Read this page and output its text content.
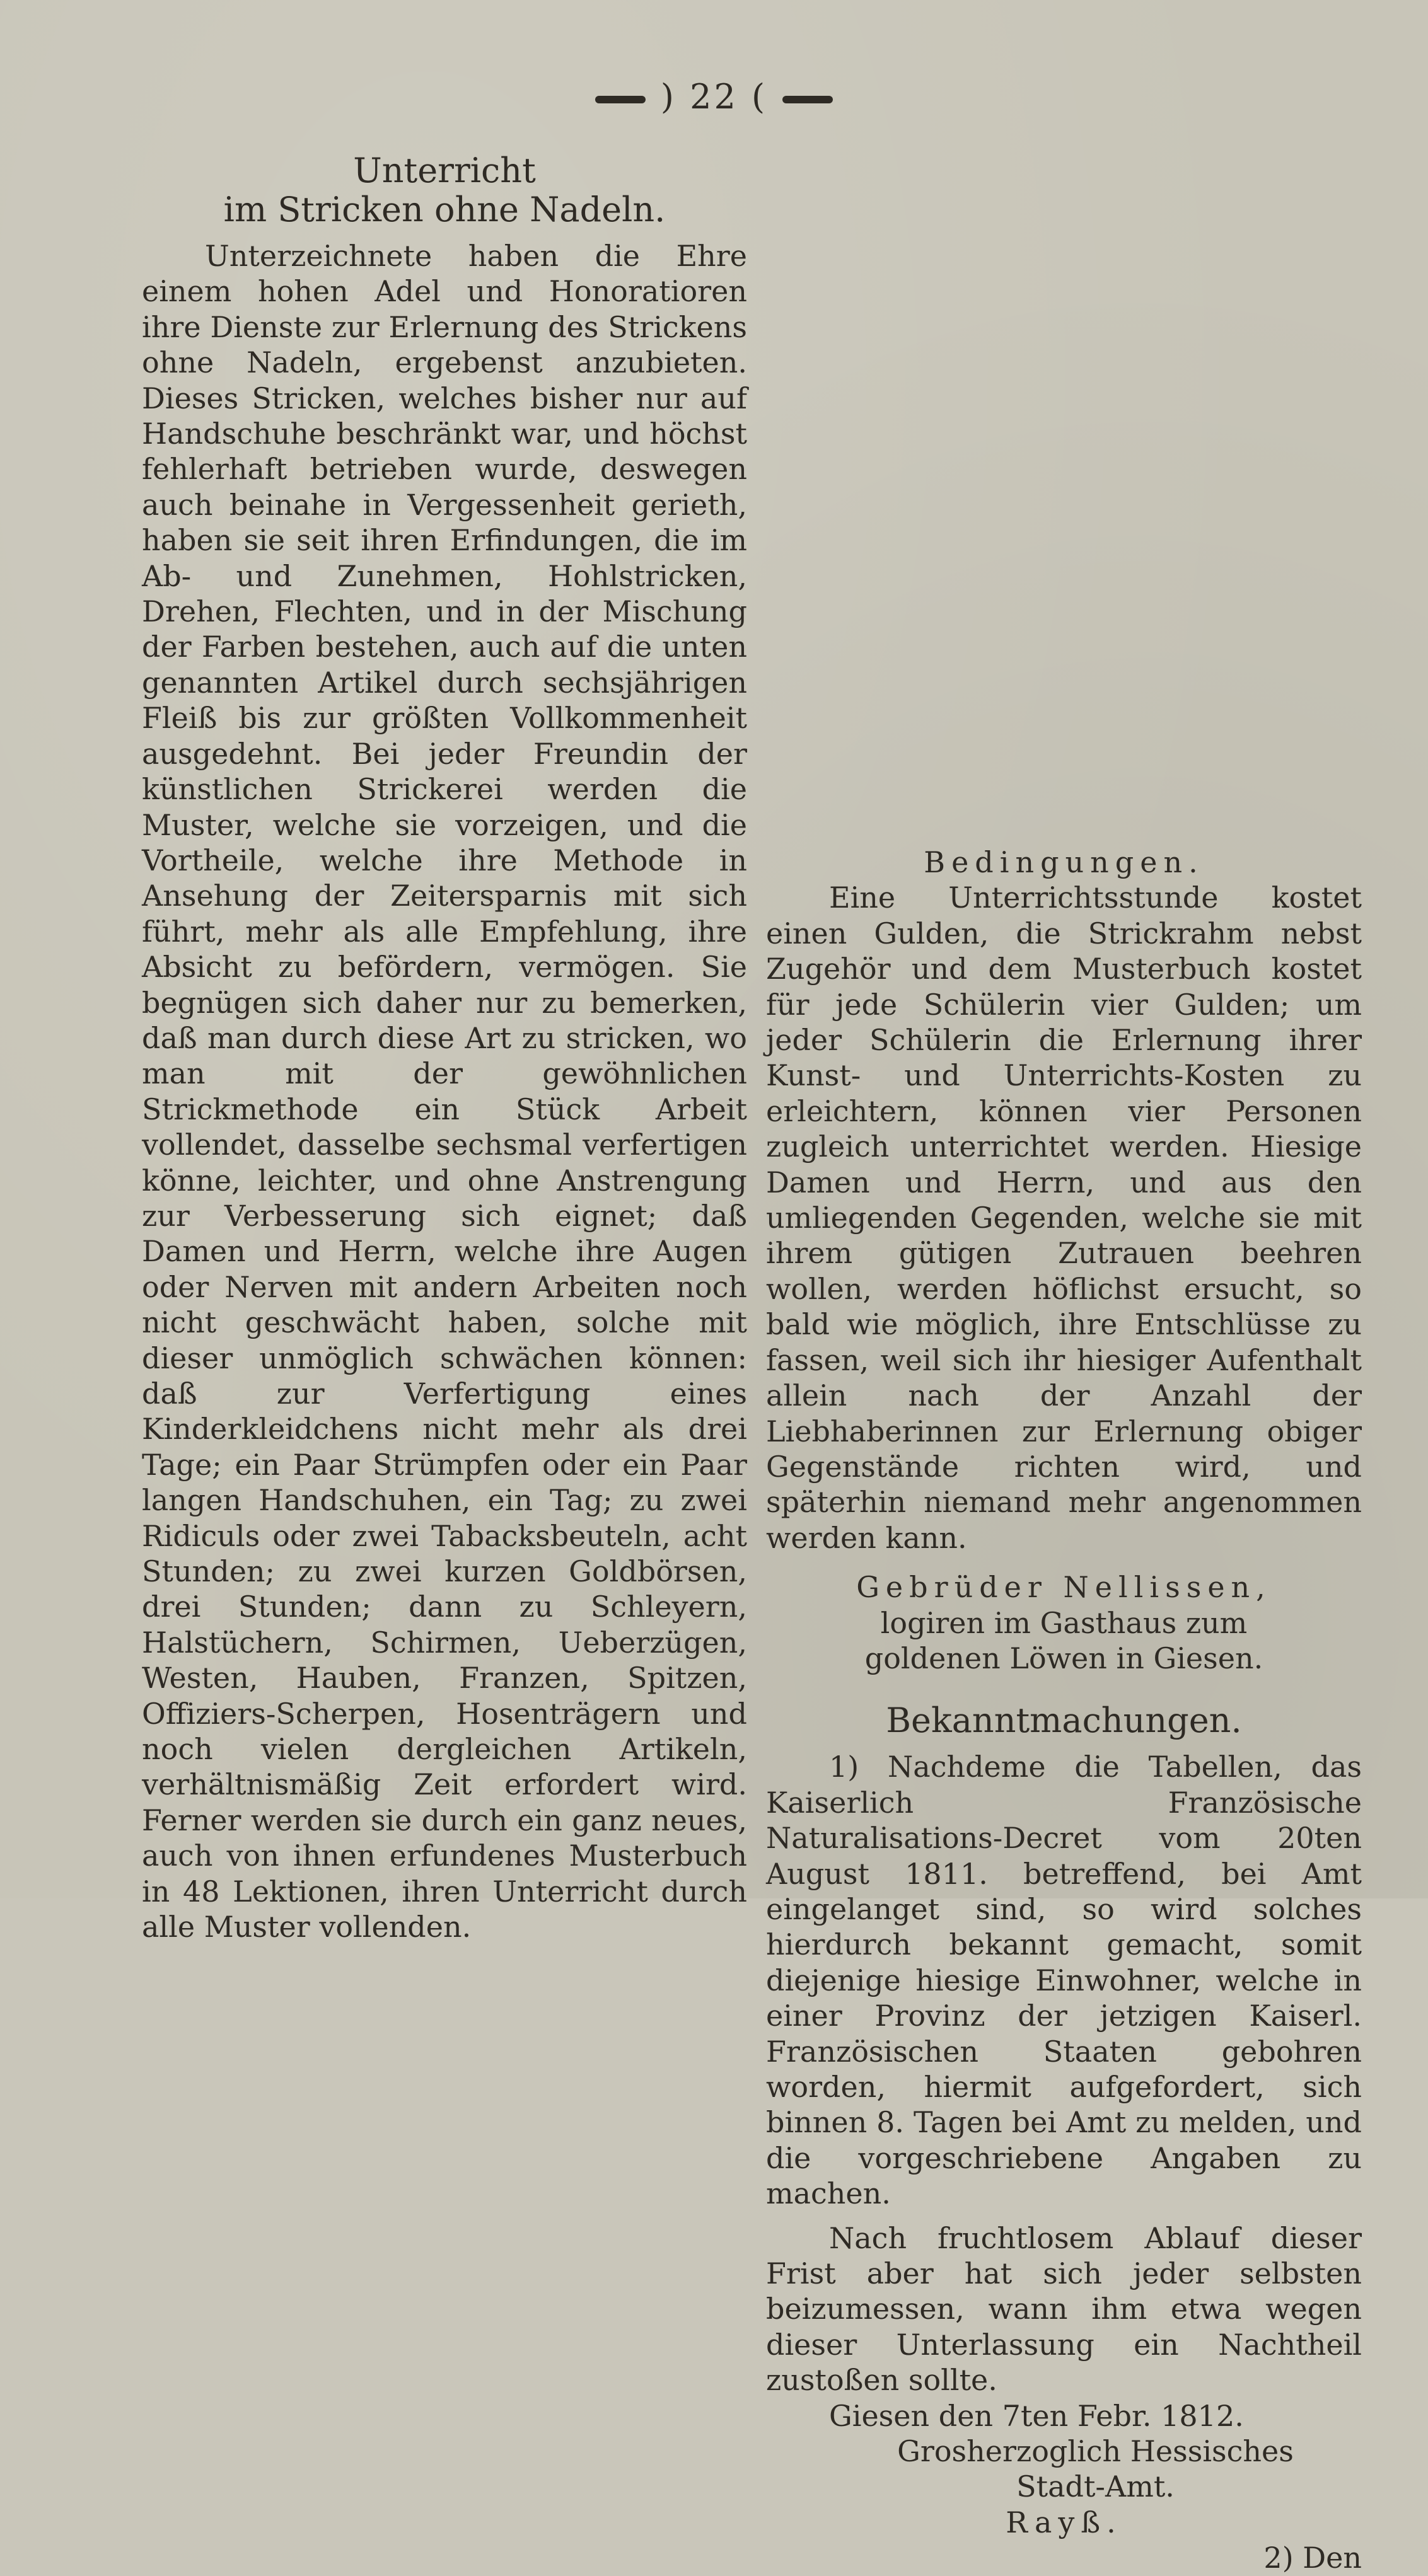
) 22 (
Unterricht
im Stricken ohne Nadeln.

Unterzeichnete haben die Ehre einem hohen Adel und Honoratioren ihre Dienste zur Erlernung des Strickens ohne Nadeln, ergebenst anzubieten. Dieses Stricken, welches bisher nur auf Handschuhe beschränkt war, und höchst fehlerhaft betrieben wurde, deswegen auch beinahe in Vergessenheit gerieth, haben sie seit ihren Erfindungen, die im Ab- und Zunehmen, Hohlstricken, Drehen, Flechten, und in der Mischung der Farben bestehen, auch auf die unten genannten Artikel durch sechsjährigen Fleiß bis zur größten Vollkommenheit ausgedehnt. Bei jeder Freundin der künstlichen Strickerei werden die Muster, welche sie vorzeigen, und die Vortheile, welche ihre Methode in Ansehung der Zeitersparnis mit sich führt, mehr als alle Empfehlung, ihre Absicht zu befördern, vermögen. Sie begnügen sich daher nur zu bemerken, daß man durch diese Art zu stricken, wo man mit der gewöhnlichen Strickmethode ein Stück Arbeit vollendet, dasselbe sechsmal verfertigen könne, leichter, und ohne Anstrengung zur Verbesserung sich eignet; daß Damen und Herrn, welche ihre Augen oder Nerven mit andern Arbeiten noch nicht geschwächt haben, solche mit dieser unmöglich schwächen können: daß zur Verfertigung eines Kinderkleidchens nicht mehr als drei Tage; ein Paar Strümpfen oder ein Paar langen Handschuhen, ein Tag; zu zwei Ridiculs oder zwei Tabacksbeuteln, acht Stunden; zu zwei kurzen Goldbörsen, drei Stunden; dann zu Schleyern, Halstüchern, Schirmen, Ueberzügen, Westen, Hauben, Franzen, Spitzen, Offiziers-Scherpen, Hosenträgern und noch vielen dergleichen Artikeln, verhältnismäßig Zeit erfordert wird. Ferner werden sie durch ein ganz neues, auch von ihnen erfundenes Musterbuch in 48 Lektionen, ihren Unterricht durch alle Muster vollenden.

Bedingungen.

Eine Unterrichtsstunde kostet einen Gulden, die Strickrahm nebst Zugehör und dem Musterbuch kostet für jede Schülerin vier Gulden; um jeder Schülerin die Erlernung ihrer Kunst- und Unterrichts-Kosten zu erleichtern, können vier Personen zugleich unterrichtet werden. Hiesige Damen und Herrn, und aus den umliegenden Gegenden, welche sie mit ihrem gütigen Zutrauen beehren wollen, werden höflichst ersucht, so bald wie möglich, ihre Entschlüsse zu fassen, weil sich ihr hiesiger Aufenthalt allein nach der Anzahl der Liebhaberinnen zur Erlernung obiger Gegenstände richten wird, und späterhin niemand mehr angenommen werden kann.

Gebrüder Nellissen,

logiren im Gasthaus zum goldenen Löwen in Giesen.

Bekanntmachungen.

1) Nachdeme die Tabellen, das Kaiserlich Französische Naturalisations-Decret vom 20ten August 1811. betreffend, bei Amt eingelanget sind, so wird solches hierdurch bekannt gemacht, somit diejenige hiesige Einwohner, welche in einer Provinz der jetzigen Kaiserl. Französischen Staaten gebohren worden, hiermit aufgefordert, sich binnen 8. Tagen bei Amt zu melden, und die vorgeschriebene Angaben zu machen.

Nach fruchtlosem Ablauf dieser Frist aber hat sich jeder selbsten beizumessen, wann ihm etwa wegen dieser Unterlassung ein Nachtheil zustoßen sollte.

Giesen den 7ten Febr. 1812.

Grosherzoglich Hessisches Stadt-Amt.

Rayß.

2) Den
